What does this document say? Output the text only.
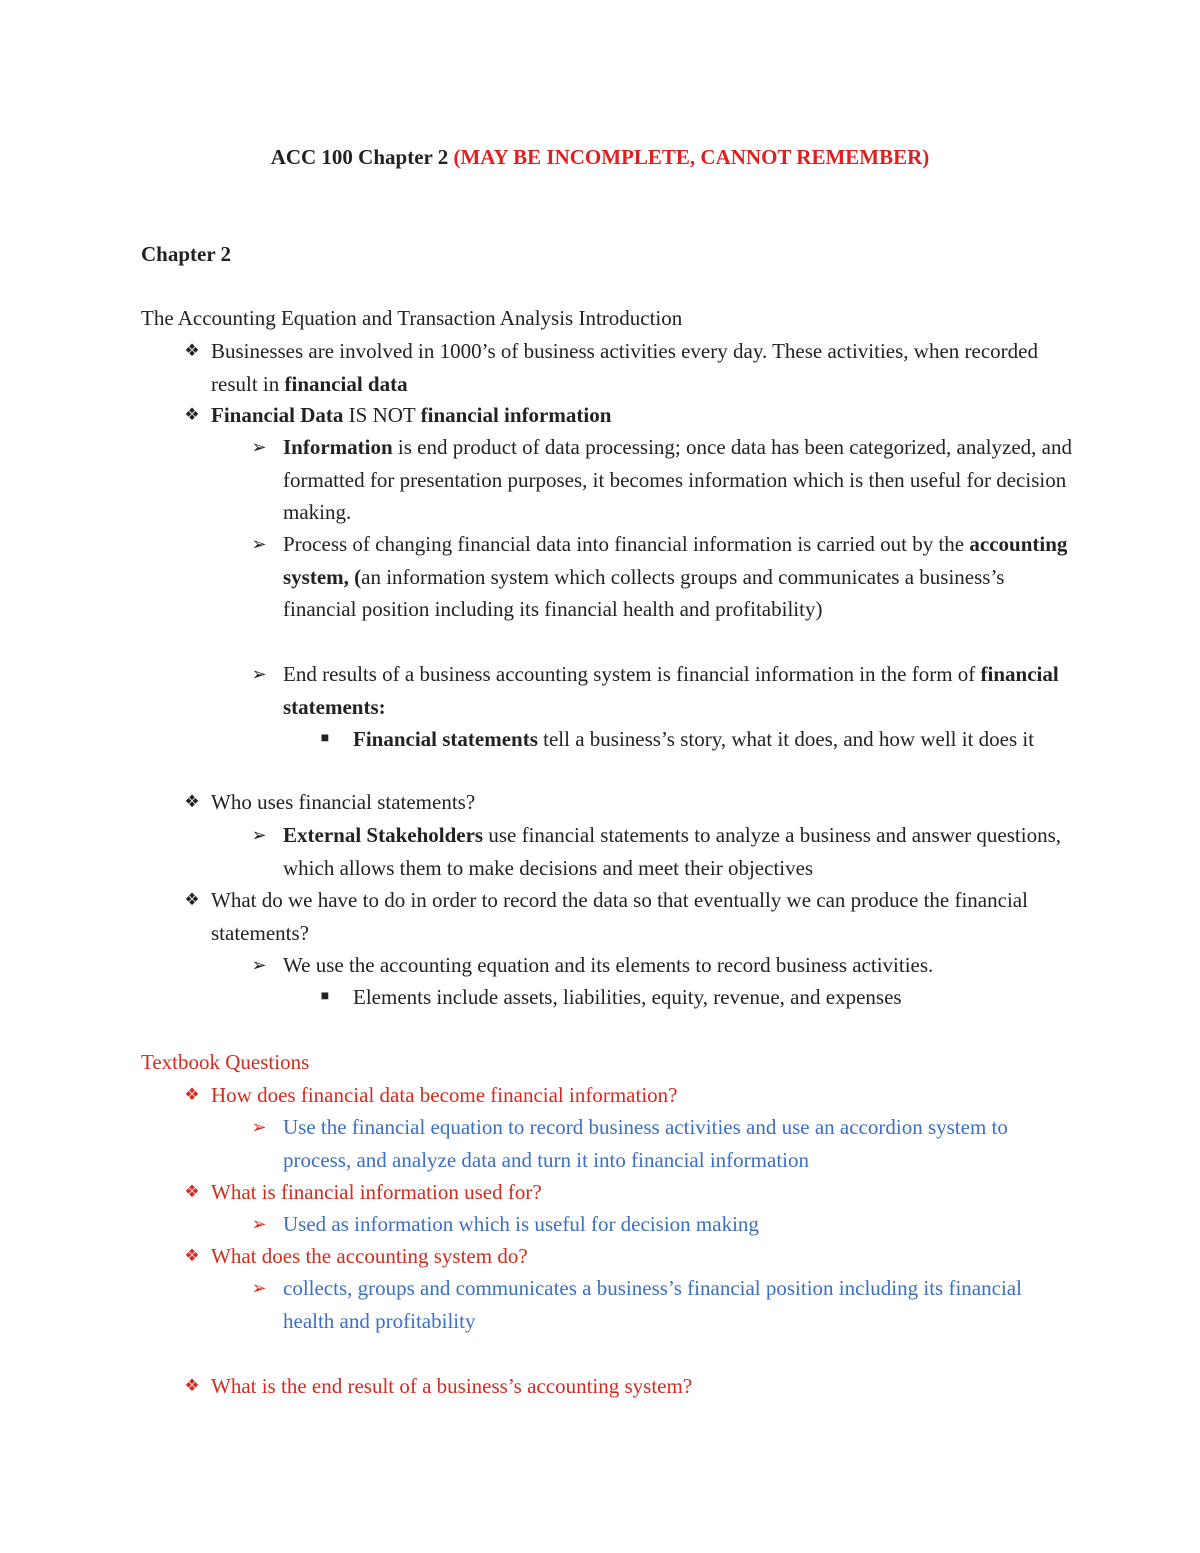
ACC 100 Chapter 2 (MAY BE INCOMPLETE, CANNOT REMEMBER)
Chapter 2
The Accounting Equation and Transaction Analysis Introduction
❖ Businesses are involved in 1000’s of business activities every day. These activities, when recorded result in financial data
❖ Financial Data IS NOT financial information
➢ Information is end product of data processing; once data has been categorized, analyzed, and formatted for presentation purposes, it becomes information which is then useful for decision making.
➢ Process of changing financial data into financial information is carried out by the accounting system, (an information system which collects groups and communicates a business’s financial position including its financial health and profitability)
➢ End results of a business accounting system is financial information in the form of financial statements:
■ Financial statements tell a business’s story, what it does, and how well it does it
❖ Who uses financial statements?
➢ External Stakeholders use financial statements to analyze a business and answer questions, which allows them to make decisions and meet their objectives
❖ What do we have to do in order to record the data so that eventually we can produce the financial statements?
➢ We use the accounting equation and its elements to record business activities.
■ Elements include assets, liabilities, equity, revenue, and expenses
Textbook Questions
❖ How does financial data become financial information?
➢ Use the financial equation to record business activities and use an accordion system to process, and analyze data and turn it into financial information
❖ What is financial information used for?
➢ Used as information which is useful for decision making
❖ What does the accounting system do?
➢ collects, groups and communicates a business’s financial position including its financial health and profitability
❖ What is the end result of a business’s accounting system?
